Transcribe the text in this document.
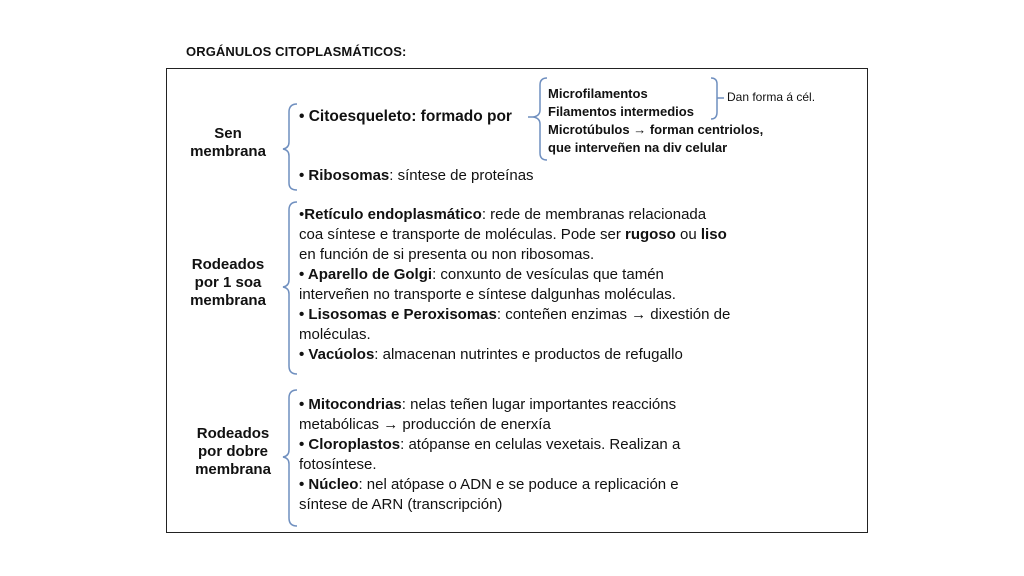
ORGÁNULOS CITOPLASMÁTICOS:
Sen
membrana
Rodeados
por 1 soa
membrana
Rodeados
por dobre
membrana
• Citoesqueleto: formado por
Microfilamentos
Filamentos intermedios
Microtúbulos → forman centriolos,
que interveñen na div celular
Dan forma á cél.
• Ribosomas: síntese de proteínas
•Retículo endoplasmático: rede de membranas relacionada
coa síntese e transporte de moléculas. Pode ser rugoso ou liso
en función de si presenta ou non ribosomas.
• Aparello de Golgi: conxunto de vesículas que tamén
interveñen no transporte e síntese dalgunhas moléculas.
• Lisosomas e Peroxisomas: conteñen enzimas → dixestión de
moléculas.
• Vacúolos: almacenan nutrintes e productos de refugallo
• Mitocondrias: nelas teñen lugar importantes reaccións
metabólicas → producción de enerxía
• Cloroplastos: atópanse en celulas vexetais. Realizan a
fotosíntese.
• Núcleo: nel atópase o ADN e se poduce a replicación e
síntese de ARN (transcripción)
